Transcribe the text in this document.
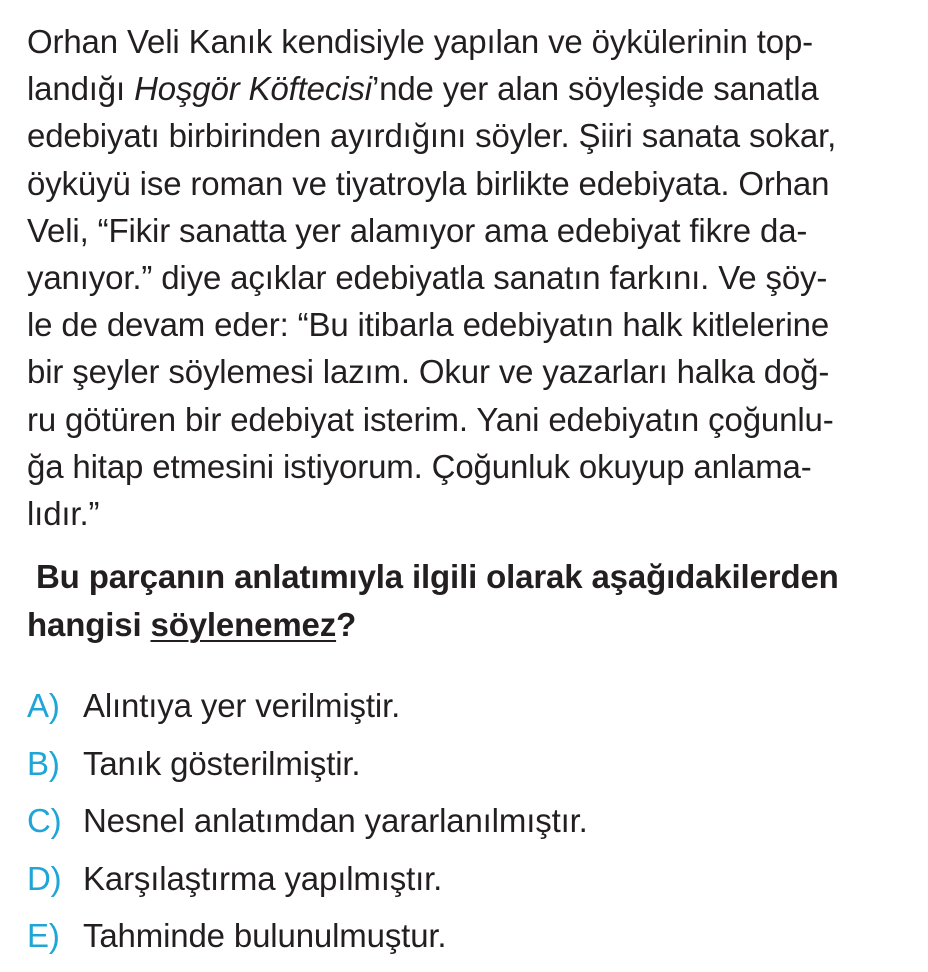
Orhan Veli Kanık kendisiyle yapılan ve öykülerinin top-
landığı Hoşgör Köftecisi’nde yer alan söyleşide sanatla
edebiyatı birbirinden ayırdığını söyler. Şiiri sanata sokar,
öyküyü ise roman ve tiyatroyla birlikte edebiyata. Orhan
Veli, “Fikir sanatta yer alamıyor ama edebiyat fikre da-
yanıyor.” diye açıklar edebiyatla sanatın farkını. Ve şöy-
le de devam eder: “Bu itibarla edebiyatın halk kitlelerine
bir şeyler söylemesi lazım. Okur ve yazarları halka doğ-
ru götüren bir edebiyat isterim. Yani edebiyatın çoğunlu-
ğa hitap etmesini istiyorum. Çoğunluk okuyup anlama-
lıdır.”
Bu parçanın anlatımıyla ilgili olarak aşağıdakilerden
hangisi söylenemez?
A) Alıntıya yer verilmiştir.
B) Tanık gösterilmiştir.
C) Nesnel anlatımdan yararlanılmıştır.
D) Karşılaştırma yapılmıştır.
E) Tahminde bulunulmuştur.
